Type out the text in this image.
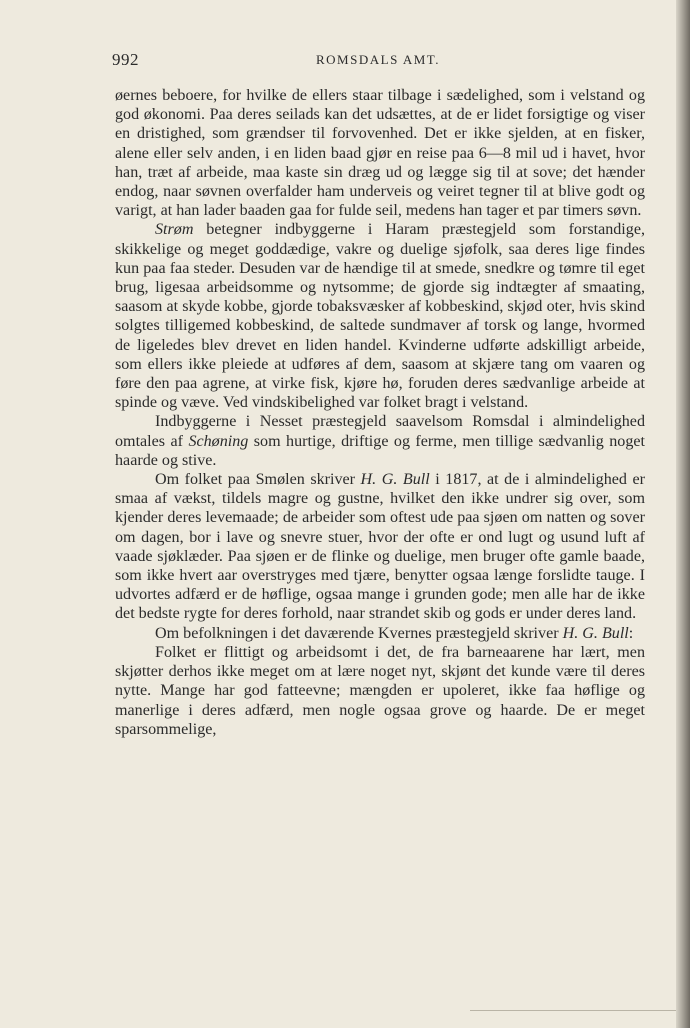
992	ROMSDALS AMT.

øernes beboere, for hvilke de ellers staar tilbage i sædelighed, som i velstand og god økonomi. Paa deres seilads kan det udsættes, at de er lidet forsigtige og viser en dristighed, som grændser til forvovenhed. Det er ikke sjelden, at en fisker, alene eller selv anden, i en liden baad gjør en reise paa 6—8 mil ud i havet, hvor han, træt af arbeide, maa kaste sin dræg ud og lægge sig til at sove; det hænder endog, naar søvnen overfalder ham underveis og veiret tegner til at blive godt og varigt, at han lader baaden gaa for fulde seil, medens han tager et par timers søvn.

Strøm betegner indbyggerne i Haram præstegjeld som forstandige, skikkelige og meget goddædige, vakre og duelige sjøfolk, saa deres lige findes kun paa faa steder. Desuden var de hændige til at smede, snedkre og tømre til eget brug, ligesaa arbeidsomme og nytsomme; de gjorde sig indtægter af smaating, saasom at skyde kobbe, gjorde tobaksvæsker af kobbeskind, skjød oter, hvis skind solgtes tilligemed kobbeskind, de saltede sundmaver af torsk og lange, hvormed de ligeledes blev drevet en liden handel. Kvinderne udførte adskilligt arbeide, som ellers ikke pleiede at udføres af dem, saasom at skjære tang om vaaren og føre den paa agrene, at virke fisk, kjøre hø, foruden deres sædvanlige arbeide at spinde og væve. Ved vindskibelighed var folket bragt i velstand.

Indbyggerne i Nesset præstegjeld saavelsom Romsdal i almindelighed omtales af Schøning som hurtige, driftige og ferme, men tillige sædvanlig noget haarde og stive.

Om folket paa Smølen skriver H. G. Bull i 1817, at de i almindelighed er smaa af vækst, tildels magre og gustne, hvilket den ikke undrer sig over, som kjender deres levemaade; de arbeider som oftest ude paa sjøen om natten og sover om dagen, bor i lave og snevre stuer, hvor der ofte er ond lugt og usund luft af vaade sjøklæder. Paa sjøen er de flinke og duelige, men bruger ofte gamle baade, som ikke hvert aar overstryges med tjære, benytter ogsaa længe forslidte tauge. I udvortes adfærd er de høflige, ogsaa mange i grunden gode; men alle har de ikke det bedste rygte for deres forhold, naar strandet skib og gods er under deres land.

Om befolkningen i det daværende Kvernes præstegjeld skriver H. G. Bull:

Folket er flittigt og arbeidsomt i det, de fra barneaarene har lært, men skjøtter derhos ikke meget om at lære noget nyt, skjønt det kunde være til deres nytte. Mange har god fatteevne; mængden er upoleret, ikke faa høflige og manerlige i deres adfærd, men nogle ogsaa grove og haarde. De er meget sparsommelige,
